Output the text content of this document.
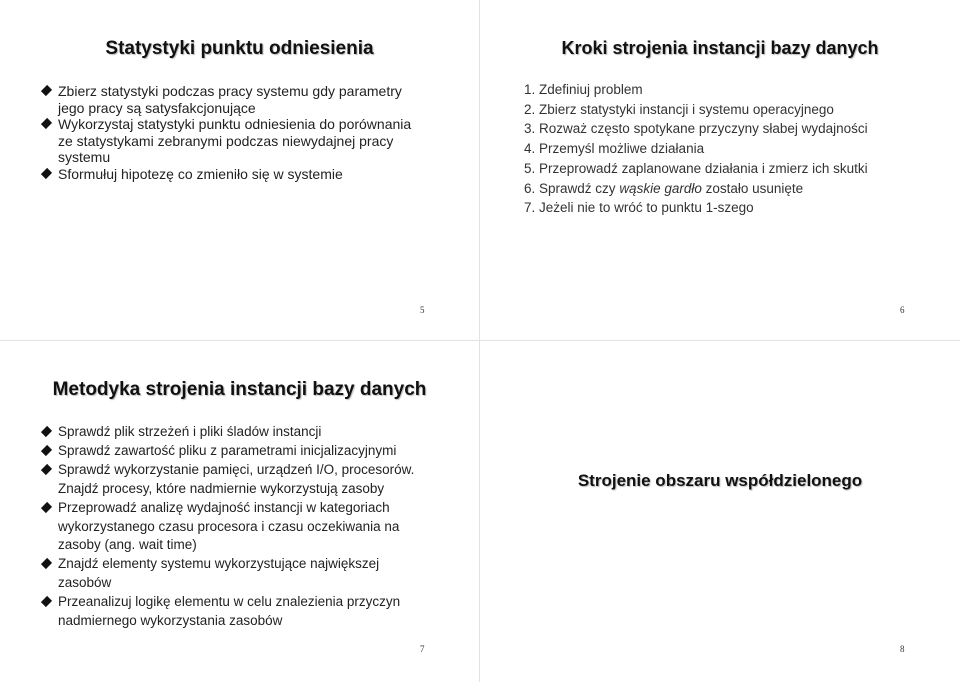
Statystyki punktu odniesienia
Zbierz statystyki podczas pracy systemu gdy parametry jego pracy są satysfakcjonujące
Wykorzystaj statystyki punktu odniesienia do porównania ze statystykami zebranymi podczas niewydajnej pracy systemu
Sformułuj hipotezę co zmieniło się w systemie
5
Kroki strojenia instancji bazy danych
1. Zdefiniuj problem
2. Zbierz statystyki instancji i systemu operacyjnego
3. Rozważ często spotykane przyczyny słabej wydajności
4. Przemyśl możliwe działania
5. Przeprowadź zaplanowane działania i zmierz ich skutki
6. Sprawdź czy wąskie gardło zostało usunięte
7. Jeżeli nie to wróć to punktu 1-szego
6
Metodyka strojenia instancji bazy danych
Sprawdź plik strzeżeń i pliki śladów instancji
Sprawdź zawartość pliku z parametrami inicjalizacyjnymi
Sprawdź wykorzystanie pamięci, urządzeń I/O, procesorów.
Znajdź procesy, które nadmiernie wykorzystują zasoby
Przeprowadź analizę wydajność instancji w kategoriach wykorzystanego czasu procesora i czasu oczekiwania na zasoby (ang. wait time)
Znajdź elementy systemu wykorzystujące największej zasobów
Przeanalizuj logikę elementu w celu znalezienia przyczyn nadmiernego wykorzystania zasobów
7
Strojenie obszaru współdzielonego
8
